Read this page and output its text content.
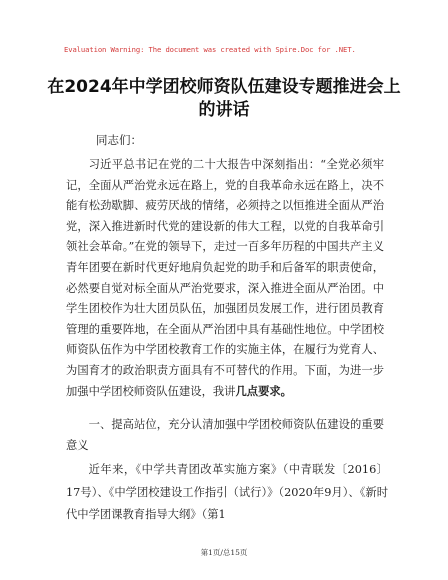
Evaluation Warning: The document was created with Spire.Doc for .NET.
在2024年中学团校师资队伍建设专题推进会上的讲话
同志们：

习近平总书记在党的二十大报告中深刻指出：“全党必须牢记，全面从严治党永远在路上，党的自我革命永远在路上，决不能有松劲歇脚、疲劳厌战的情绪，必须持之以恒推进全面从严治党，深入推进新时代党的建设新的伟大工程，以党的自我革命引领社会革命。”在党的领导下，走过一百多年历程的中国共产主义青年团要在新时代更好地肩负起党的助手和后备军的职责使命，必然要自觉对标全面从严治党要求，深入推进全面从严治团。中学生团校作为壮大团员队伍，加强团员发展工作，进行团员教育管理的重要阵地，在全面从严治团中具有基础性地位。中学团校师资队伍作为中学团校教育工作的实施主体，在履行为党育人、为国育才的政治职责方面具有不可替代的作用。下面，为进一步加强中学团校师资队伍建设，我讲几点要求。

一、提高站位，充分认清加强中学团校师资队伍建设的重要意义

近年来，《中学共青团改革实施方案》（中青联发〔2016〕17号）、《中学团校建设工作指引（试行）》（2020年9月）、《新时代中学团课教育指导大纲》（第1

第1页/总15页
